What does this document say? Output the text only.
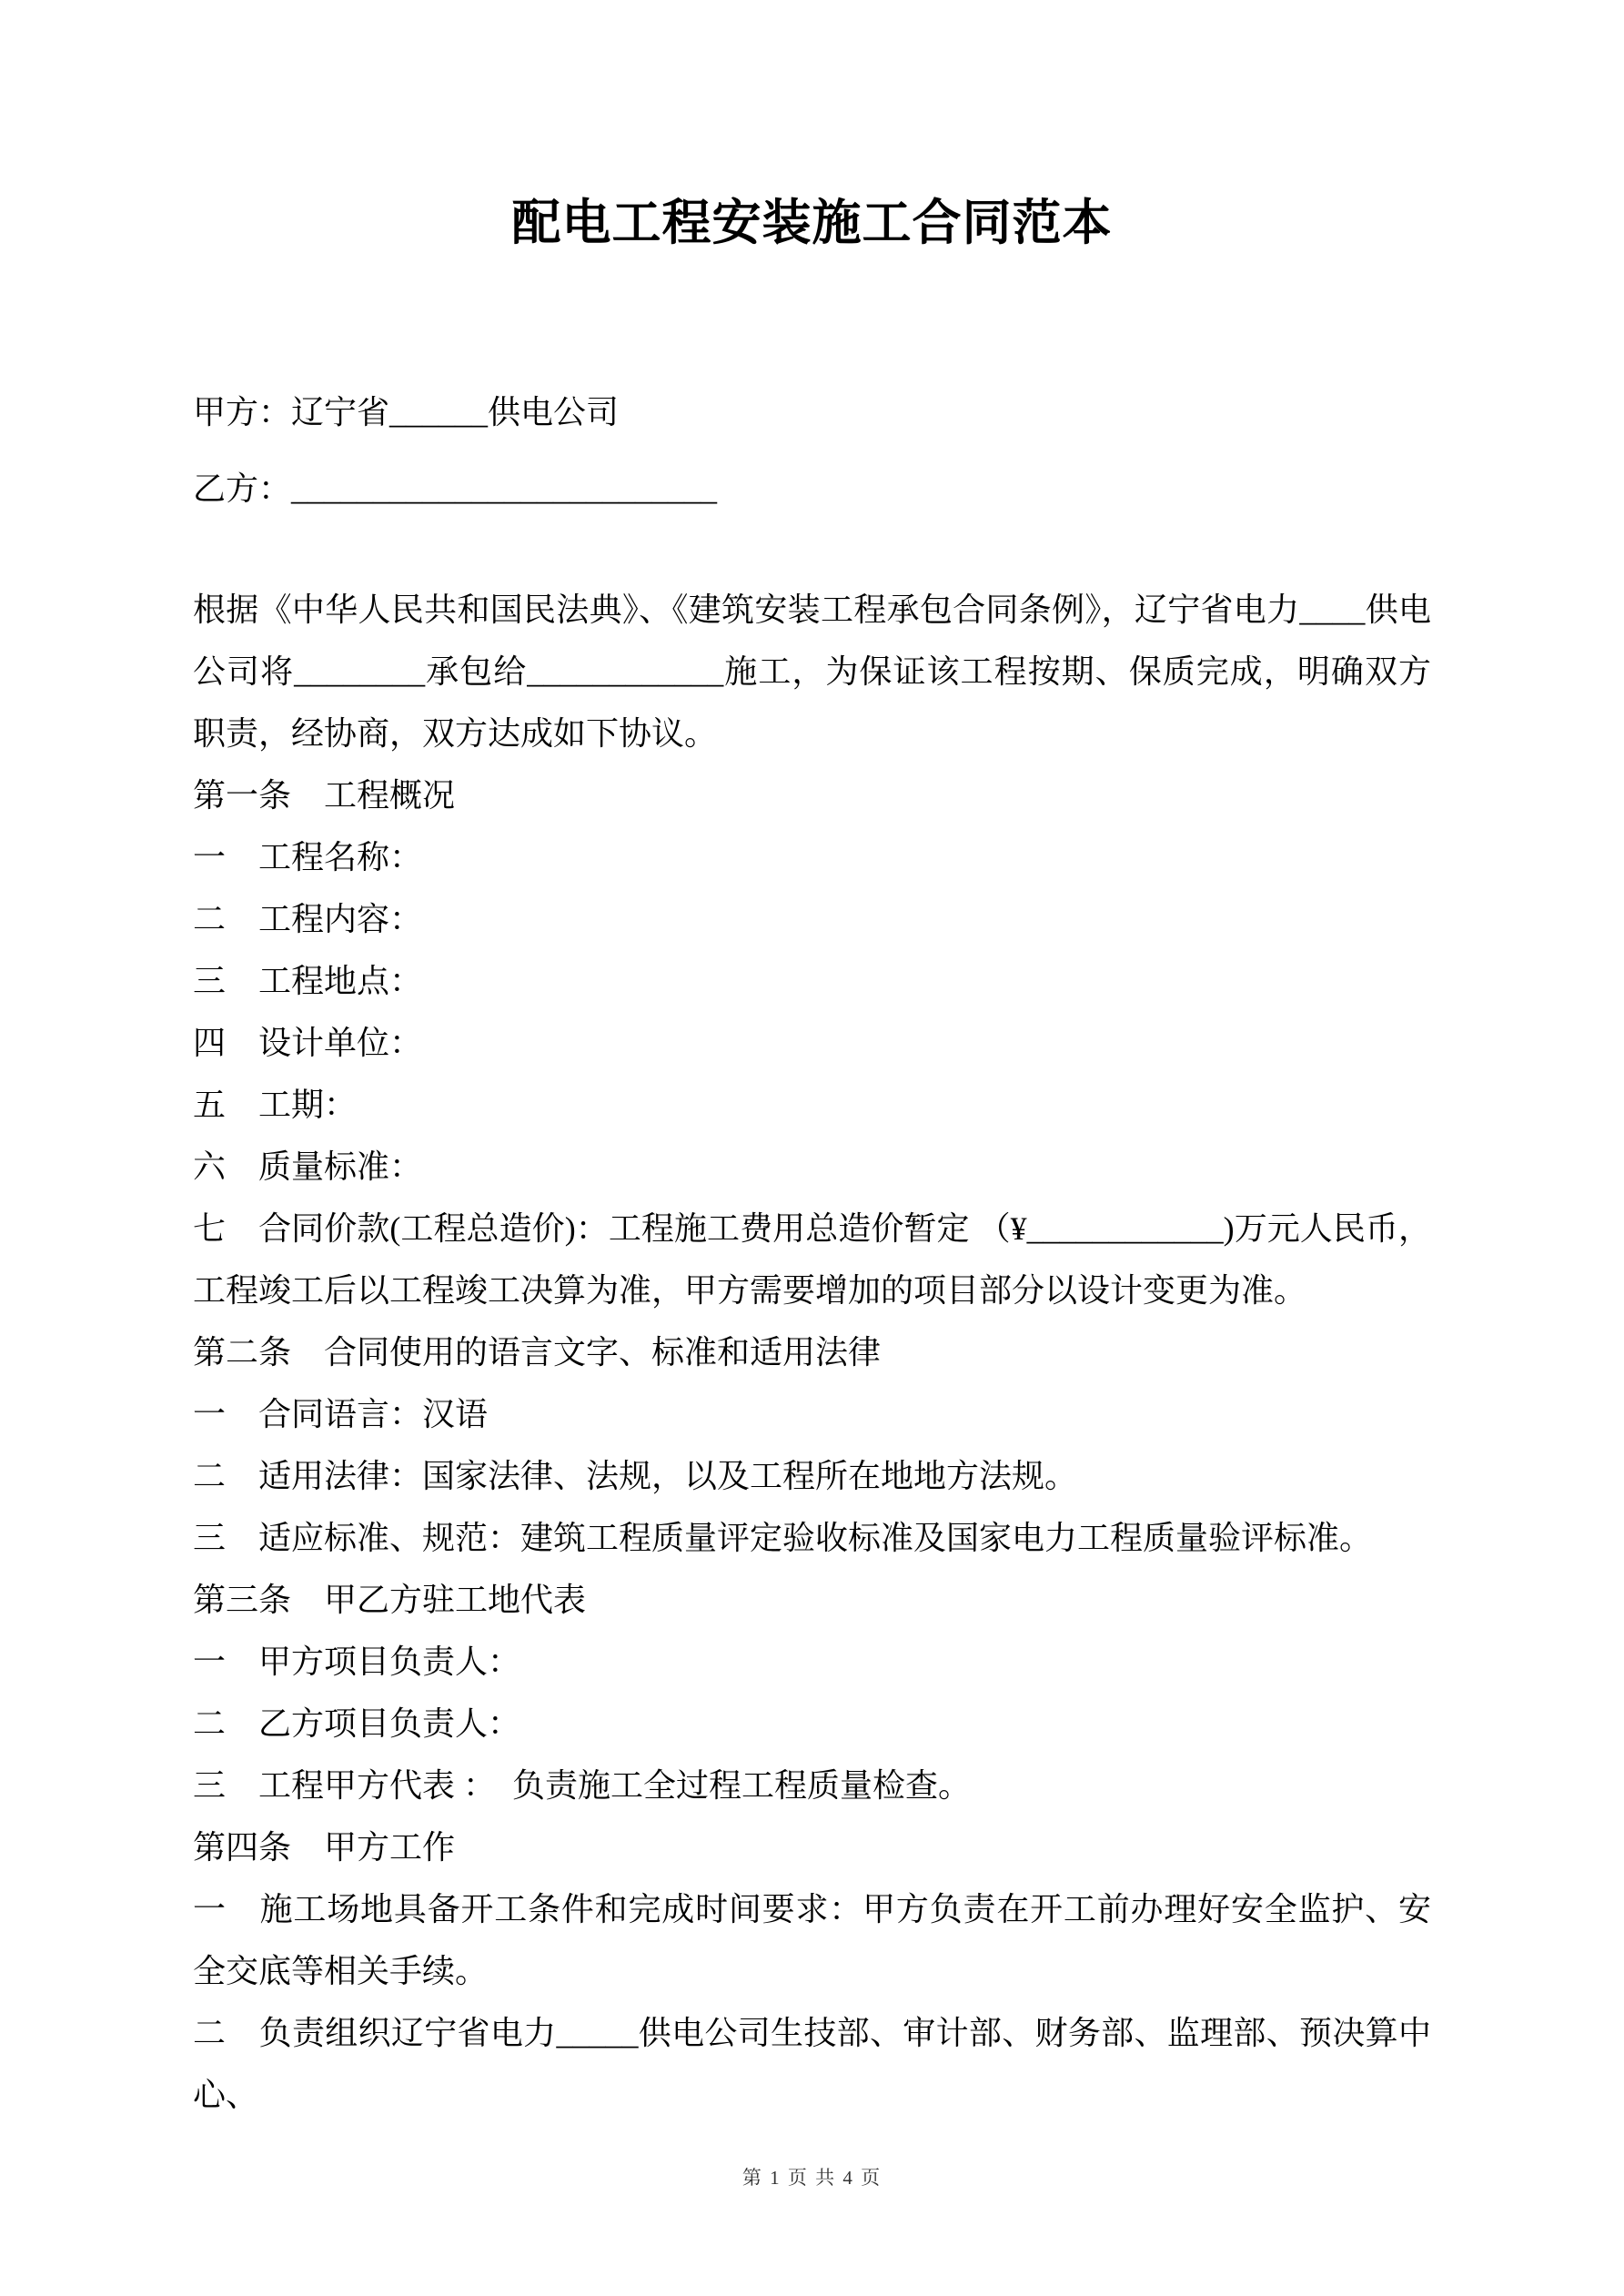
配电工程安装施工合同范本

甲方：辽宁省______供电公司

乙方：__________________________

根据《中华人民共和国民法典》、《建筑安装工程承包合同条例》，辽宁省电力____供电公司将________承包给____________施工，为保证该工程按期、保质完成，明确双方职责，经协商，双方达成如下协议。

第一条　工程概况

一　工程名称：

二　工程内容：

三　工程地点：

四　设计单位：

五　工期：

六　质量标准：

七　合同价款(工程总造价)：工程施工费用总造价暂定 （¥____________)万元人民币，工程竣工后以工程竣工决算为准，甲方需要增加的项目部分以设计变更为准。

第二条　合同使用的语言文字、标准和适用法律

一　合同语言：汉语

二　适用法律：国家法律、法规，以及工程所在地地方法规。

三　适应标准、规范：建筑工程质量评定验收标准及国家电力工程质量验评标准。

第三条　甲乙方驻工地代表

一　甲方项目负责人：

二　乙方项目负责人：

三　工程甲方代表 ：　负责施工全过程工程质量检查。

第四条　甲方工作

一　施工场地具备开工条件和完成时间要求：甲方负责在开工前办理好安全监护、安全交底等相关手续。

二　负责组织辽宁省电力_____供电公司生技部、审计部、财务部、监理部、预决算中心、

第 1 页 共 4 页
